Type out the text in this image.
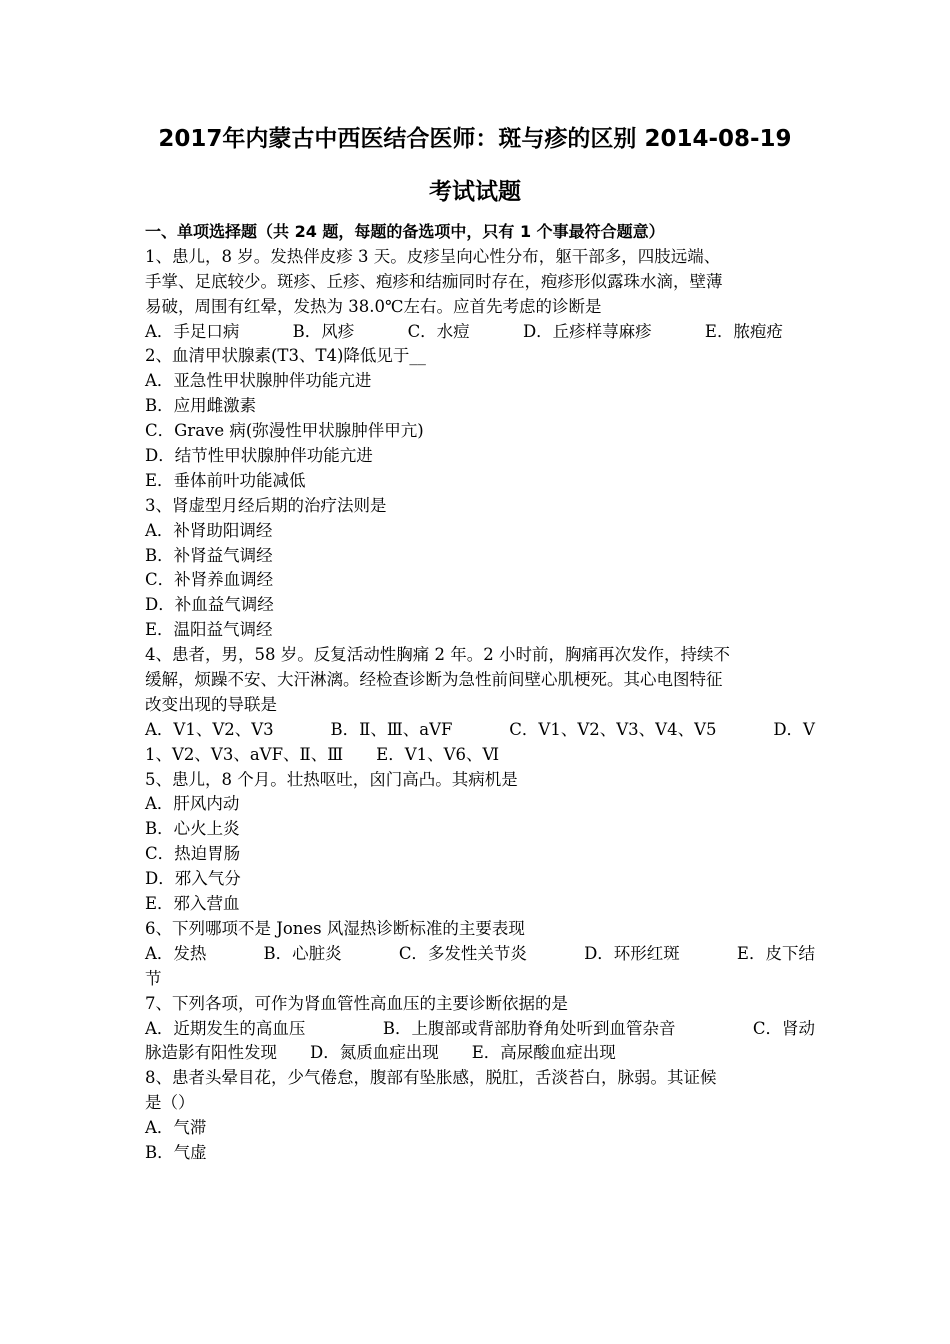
2017年内蒙古中西医结合医师：斑与疹的区别 2014-08-19
考试试题
一、单项选择题（共 24 题，每题的备选项中，只有 1 个事最符合题意）
1、患儿，8 岁。发热伴皮疹 3 天。皮疹呈向心性分布，躯干部多，四肢远端、
手掌、足底较少。斑疹、丘疹、疱疹和结痂同时存在，疱疹形似露珠水滴，壁薄
易破，周围有红晕，发热为 38.0℃左右。应首先考虑的诊断是
A．手足口病	B．风疹	C．水痘	D．丘疹样荨麻疹	E．脓疱疮
2、血清甲状腺素(T3、T4)降低见于__
A．亚急性甲状腺肿伴功能亢进
B．应用雌激素
C．Grave 病(弥漫性甲状腺肿伴甲亢)
D．结节性甲状腺肿伴功能亢进
E．垂体前叶功能减低
3、肾虚型月经后期的治疗法则是
A．补肾助阳调经
B．补肾益气调经
C．补肾养血调经
D．补血益气调经
E．温阳益气调经
4、患者，男，58 岁。反复活动性胸痛 2 年。2 小时前，胸痛再次发作，持续不
缓解，烦躁不安、大汗淋漓。经检查诊断为急性前间壁心肌梗死。其心电图特征
改变出现的导联是
A．V1、V2、V3	B．Ⅱ、Ⅲ、aVF	C．V1、V2、V3、V4、V5	D．V
1、V2、V3、aVF、Ⅱ、Ⅲ　　E．V1、V6、Ⅵ
5、患儿，8 个月。壮热呕吐，囟门高凸。其病机是
A．肝风内动
B．心火上炎
C．热迫胃肠
D．邪入气分
E．邪入营血
6、下列哪项不是 Jones 风湿热诊断标准的主要表现
A．发热	B．心脏炎	C．多发性关节炎	D．环形红斑	E．皮下结
节
7、下列各项，可作为肾血管性高血压的主要诊断依据的是
A．近期发生的高血压	B．上腹部或背部肋脊角处听到血管杂音	C．肾动
脉造影有阳性发现　　D．氮质血症出现　　E．高尿酸血症出现
8、患者头晕目花，少气倦怠，腹部有坠胀感，脱肛，舌淡苔白，脉弱。其证候
是（）
A．气滞
B．气虚
